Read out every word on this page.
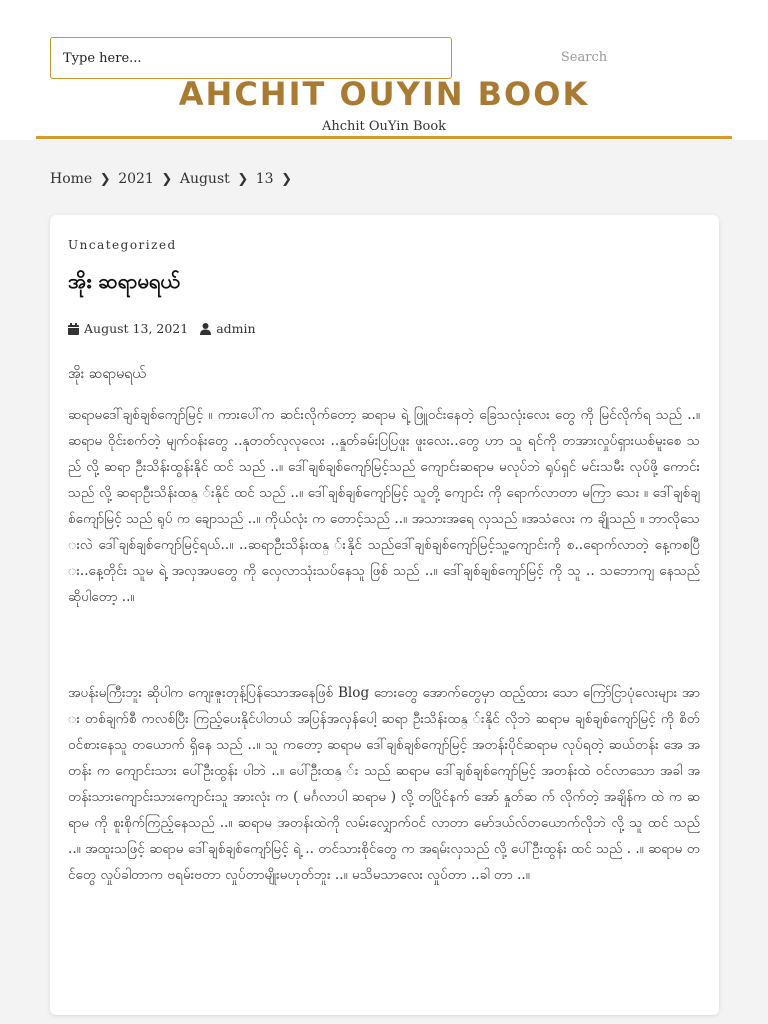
Type here...
Search
AHCHIT OUYIN BOOK
Ahchit OuYin Book
Home ❯ 2021 ❯ August ❯ 13 ❯
Uncategorized
အိုး ဆရာမရယ်
August 13, 2021 admin

အိုး ဆရာမရယ်

ဆရာမဒေါ်ချစ်ချစ်ကျော်မြင့် ။ ကားပေါ်က ဆင်းလိုက်တော့ ဆရာမ ရဲ့ ဖြူဝင်းနေတဲ့ ခြေသလုံးလေး တွေ ကို မြင်လိုက်ရ သည် ..။ ဆရာမ ဝိုင်းစက်တဲ့ မျက်ဝန်းတွေ ..နုတတ်လုလုလေး ..နှုတ်ခမ်းပြပြဖူး ဖူးလေး..တွေ ဟာ သူ ရင်ကို တအားလှုပ်ရှားယစ်မူးစေ သည် လို့ ဆရာ ဦးသိန်းထွန်းနိုင် ထင် သည် ..။ ဒေါ်ချစ်ချစ်ကျော်မြင့်သည် ကျောင်းဆရာမ မလုပ်ဘဲ ရုပ်ရှင် မင်းသမီး လုပ်ဖို့ ကောင်း သည် လို့ ဆရာဦးသိန်းထန္ ်းနိုင် ထင် သည် ..။ ဒေါ်ချစ်ချစ်ကျော်မြင့် သူတို့ ကျောင်း ကို ရောက်လာတာ မကြာ သေး ။ ဒေါ်ချစ်ချစ်ကျော်မြင့် သည် ရုပ် က ချောသည် ..။ ကိုယ်လုံး က တောင့်သည် ..။ အသားအရေ လှသည် ။အသံလေး က ချိုသည် ။ ဘာလိုသေးလဲ ဒေါ်ချစ်ချစ်ကျော်မြင့်ရယ်..။ ..ဆရာဦးသိန်းထန္ ်းနိုင် သည်ဒေါ်ချစ်ချစ်ကျော်မြင့်သူ့ကျောင်းကို စ..ရောက်လာတဲ့ နေ့ကစပြီး..နေ့တိုင်း သူမ ရဲ့ အလှအပတွေ ကို လှေလာသုံးသပ်နေသူ ဖြစ် သည် ..။ ဒေါ်ချစ်ချစ်ကျော်မြင့် ကို သူ .. သဘောကျ နေသည် ဆိုပါတော့ ..။

အပန်းမကြီးဘူး ဆိုပါက ကျေးဇူးတုန့်ပြန်သောအနေဖြစ် Blog ဘေးတွေ အောက်တွေမှာ ထည့်ထား သော ကြော်ငြာပုံလေးများ အား တစ်ချက်စီ ကလစ်ပြီး ကြည့်ပေးနိုင်ပါတယ် အပြန်အလှန်ပေါ့ ဆရာ ဦးသိန်းထန္ ်းနိုင် လိုဘဲ ဆရာမ ချစ်ချစ်ကျော်မြင့် ကို စိတ် ဝင်စားနေသူ တယောက် ရှိနေ သည် ..။ သူ ကတော့ ဆရာမ ဒေါ်ချစ်ချစ်ကျော်မြင့် အတန်းပိုင်ဆရာမ လုပ်ရတဲ့ ဆယ်တန်း အေ အတန်း က ကျောင်းသား ပေါ်ဦးထွန်း ပါဘဲ ..။ ပေါ်ဦးထန္ ်း သည် ဆရာမ ဒေါ်ချစ်ချစ်ကျော်မြင့် အတန်းထဲ ဝင်လာသော အခါ အတန်းသားကျောင်းသားကျောင်းသူ အားလုံး က ( မင်္ဂလာပါ ဆရာမ ) လို့ တပြိုင်နက် အော် နှုတ်ဆ က် လိုက်တဲ့ အချိန်က ထဲ က ဆရာမ ကို စူးစိုက်ကြည့်နေသည် ..။ ဆရာမ အတန်းထဲကို လမ်းလျှောက်ဝင် လာတာ မော်ဒယ်လ်တယောက်လိုဘဲ လို့ သူ ထင် သည် ..။ အထူးသဖြင့် ဆရာမ ဒေါ်ချစ်ချစ်ကျော်မြင့် ရဲ့ .. တင်သားစိုင်တွေ က အရမ်းလှသည် လို့ ပေါ်ဦးထွန်း ထင် သည် . .။ ဆရာမ တင်တွေ လှုပ်ခါတာက ဗရမ်းဗတာ လှုပ်တာမျိုးမဟုတ်ဘူး ..။ မသိမသာလေး လှုပ်တာ ..ခါ တာ ..။
